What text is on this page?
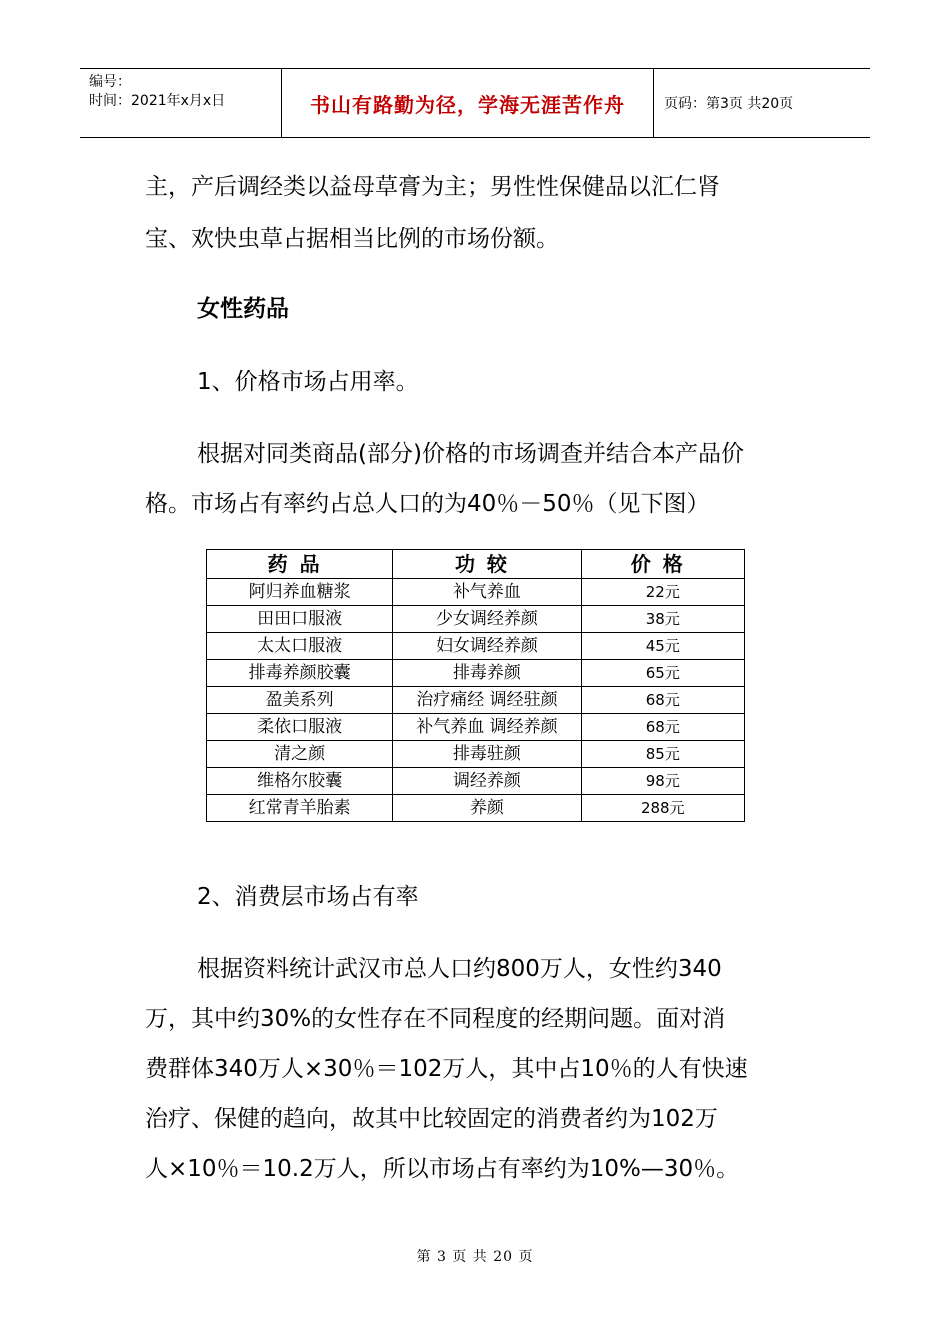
编号：
时间：2021年x月x日	书山有路勤为径，学海无涯苦作舟	页码：第3页 共20页
主，产后调经类以益母草膏为主；男性性保健品以汇仁肾
宝、欢快虫草占据相当比例的市场份额。
女性药品
1、价格市场占用率。
根据对同类商品(部分)价格的市场调查并结合本产品价
格。市场占有率约占总人口的为40％－50％（见下图）
药品	功较	价格
阿归养血糖浆	补气养血	22元
田田口服液	少女调经养颜	38元
太太口服液	妇女调经养颜	45元
排毒养颜胶囊	排毒养颜	65元
盈美系列	治疗痛经 调经驻颜	68元
柔依口服液	补气养血 调经养颜	68元
清之颜	排毒驻颜	85元
维格尔胶囊	调经养颜	98元
红常青羊胎素	养颜	288元
2、消费层市场占有率
根据资料统计武汉市总人口约800万人，女性约340
万，其中约30%的女性存在不同程度的经期问题。面对消
费群体340万人×30％＝102万人，其中占10％的人有快速
治疗、保健的趋向，故其中比较固定的消费者约为102万
人×10％＝10.2万人，所以市场占有率约为10%—30％。
第 3 页 共 20 页
